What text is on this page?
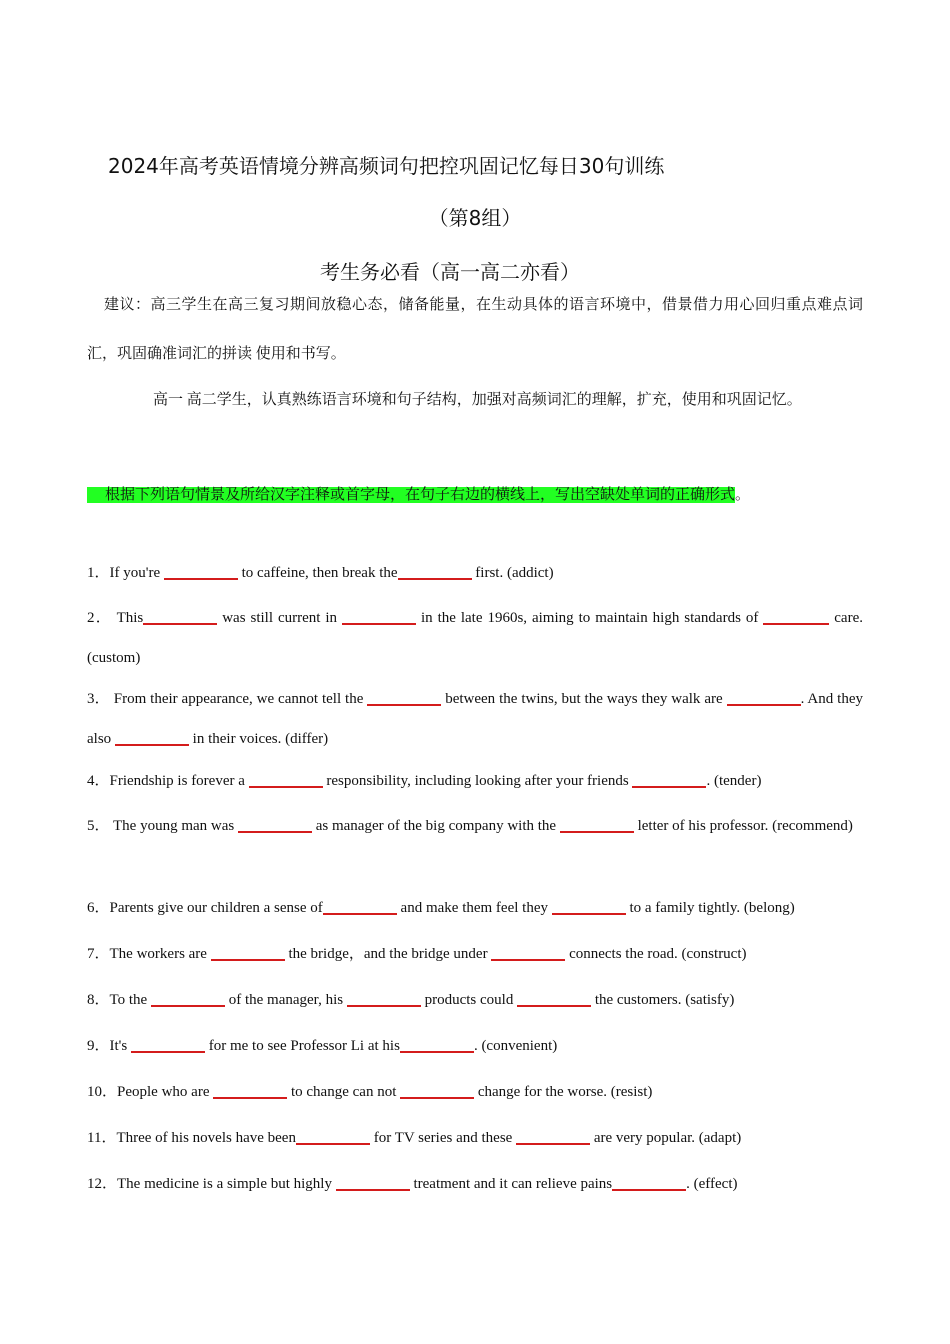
2024年高考英语情境分辨高频词句把控巩固记忆每日30句训练
（第8组）
考生务必看（高一高二亦看）
建议：高三学生在高三复习期间放稳心态，储备能量，在生动具体的语言环境中，借景借力用心回归重点难点词汇，巩固确准词汇的拼读 使用和书写。
高一 高二学生，认真熟练语言环境和句子结构，加强对高频词汇的理解，扩充，使用和巩固记忆。
根据下列语句情景及所给汉字注释或首字母，在句子右边的横线上，写出空缺处单词的正确形式。
1．If you're	to caffeine, then break the	first. (addict)
2． This	was still current in	in the late 1960s, aiming to maintain high standards of	care. (custom)
3． From their appearance, we cannot tell the	between the twins, but the ways they walk are	. And they also	in their voices. (differ)
4．Friendship is forever a	responsibility, including looking after your friends	. (tender)
5． The young man was	as manager of the big company with the	letter of his professor. (recommend)
6．Parents give our children a sense of	and make them feel they	to a family tightly. (belong)
7．The workers are	the bridge，and the bridge under	connects the road. (construct)
8．To the	of the manager, his	products could	the customers. (satisfy)
9．It's	for me to see Professor Li at his	. (convenient)
10．People who are	to change can not	change for the worse. (resist)
11．Three of his novels have been	for TV series and these	are very popular. (adapt)
12．The medicine is a simple but highly	treatment and it can relieve pains	. (effect)
